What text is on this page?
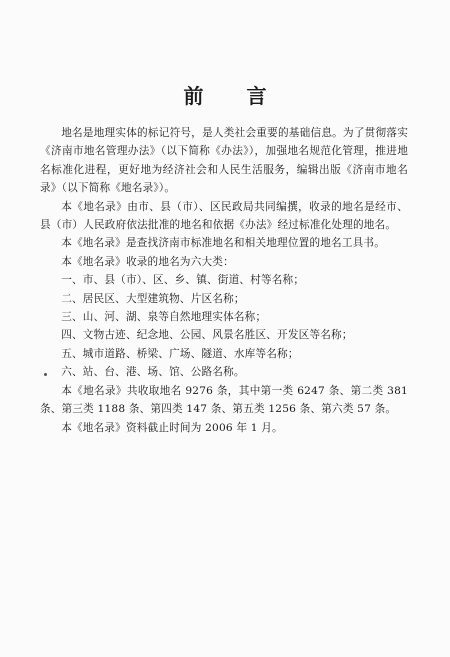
前 言

地名是地理实体的标记符号，是人类社会重要的基础信息。为了贯彻落实《济南市地名管理办法》（以下简称《办法》），加强地名规范化管理，推进地名标准化进程，更好地为经济社会和人民生活服务，编辑出版《济南市地名录》（以下简称《地名录》）。

本《地名录》由市、县（市）、区民政局共同编撰，收录的地名是经市、县（市）人民政府依法批准的地名和依据《办法》经过标准化处理的地名。

本《地名录》是查找济南市标准地名和相关地理位置的地名工具书。

本《地名录》收录的地名为六大类：

一、市、县（市）、区、乡、镇、街道、村等名称；

二、居民区、大型建筑物、片区名称；

三、山、河、湖、泉等自然地理实体名称；

四、文物古迹、纪念地、公园、风景名胜区、开发区等名称；

五、城市道路、桥梁、广场、隧道、水库等名称；

六、站、台、港、场、馆、公路名称。

本《地名录》共收取地名 9276 条，其中第一类 6247 条、第二类 381 条、第三类 1188 条、第四类 147 条、第五类 1256 条、第六类 57 条。

本《地名录》资料截止时间为 2006 年 1 月。
